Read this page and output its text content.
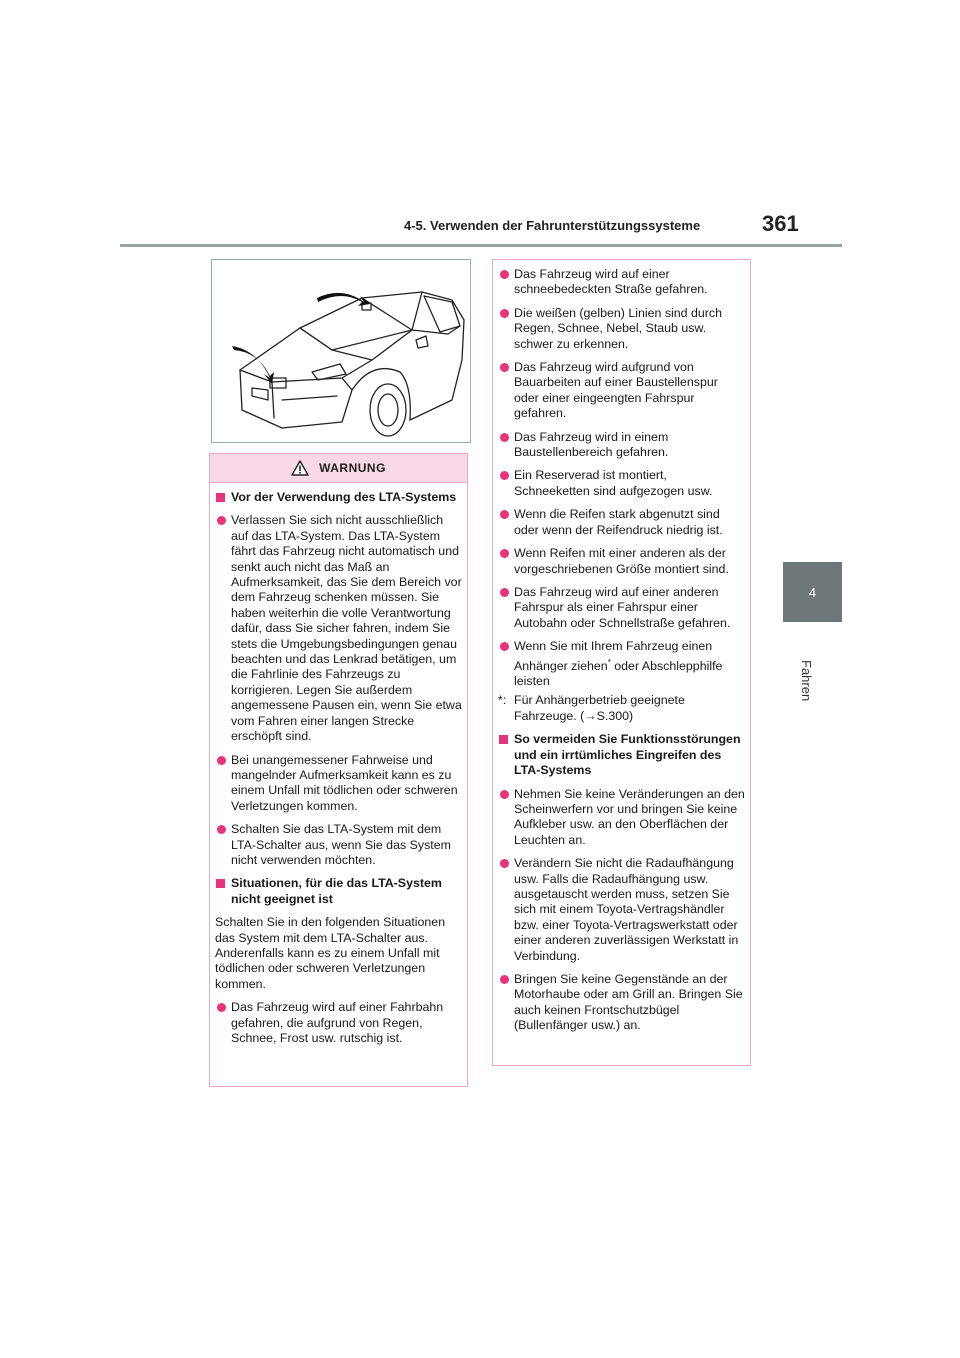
4-5. Verwenden der Fahrunterstützungssysteme	361
4
Fahren
WARNUNG
Vor der Verwendung des LTA-Systems
Verlassen Sie sich nicht ausschließlich auf das LTA-System. Das LTA-System fährt das Fahrzeug nicht automatisch und senkt auch nicht das Maß an Aufmerksamkeit, das Sie dem Bereich vor dem Fahrzeug schenken müssen. Sie haben weiterhin die volle Verantwortung dafür, dass Sie sicher fahren, indem Sie stets die Umgebungsbedingungen genau beachten und das Lenkrad betätigen, um die Fahrlinie des Fahrzeugs zu korrigieren. Legen Sie außerdem angemessene Pausen ein, wenn Sie etwa vom Fahren einer langen Strecke erschöpft sind.
Bei unangemessener Fahrweise und mangelnder Aufmerksamkeit kann es zu einem Unfall mit tödlichen oder schweren Verletzungen kommen.
Schalten Sie das LTA-System mit dem LTA-Schalter aus, wenn Sie das System nicht verwenden möchten.
Situationen, für die das LTA-System nicht geeignet ist
Schalten Sie in den folgenden Situationen das System mit dem LTA-Schalter aus. Anderenfalls kann es zu einem Unfall mit tödlichen oder schweren Verletzungen kommen.
Das Fahrzeug wird auf einer Fahrbahn gefahren, die aufgrund von Regen, Schnee, Frost usw. rutschig ist.
Das Fahrzeug wird auf einer schneebedeckten Straße gefahren.
Die weißen (gelben) Linien sind durch Regen, Schnee, Nebel, Staub usw. schwer zu erkennen.
Das Fahrzeug wird aufgrund von Bauarbeiten auf einer Baustellenspur oder einer eingeengten Fahrspur gefahren.
Das Fahrzeug wird in einem Baustellenbereich gefahren.
Ein Reserverad ist montiert, Schneeketten sind aufgezogen usw.
Wenn die Reifen stark abgenutzt sind oder wenn der Reifendruck niedrig ist.
Wenn Reifen mit einer anderen als der vorgeschriebenen Größe montiert sind.
Das Fahrzeug wird auf einer anderen Fahrspur als einer Fahrspur einer Autobahn oder Schnellstraße gefahren.
Wenn Sie mit Ihrem Fahrzeug einen Anhänger ziehen* oder Abschlepphilfe leisten
*: Für Anhängerbetrieb geeignete Fahrzeuge. (→S.300)
So vermeiden Sie Funktionsstörungen und ein irrtümliches Eingreifen des LTA-Systems
Nehmen Sie keine Veränderungen an den Scheinwerfern vor und bringen Sie keine Aufkleber usw. an den Oberflächen der Leuchten an.
Verändern Sie nicht die Radaufhängung usw. Falls die Radaufhängung usw. ausgetauscht werden muss, setzen Sie sich mit einem Toyota-Vertragshändler bzw. einer Toyota-Vertragswerkstatt oder einer anderen zuverlässigen Werkstatt in Verbindung.
Bringen Sie keine Gegenstände an der Motorhaube oder am Grill an. Bringen Sie auch keinen Frontschutzbügel (Bullenfänger usw.) an.
